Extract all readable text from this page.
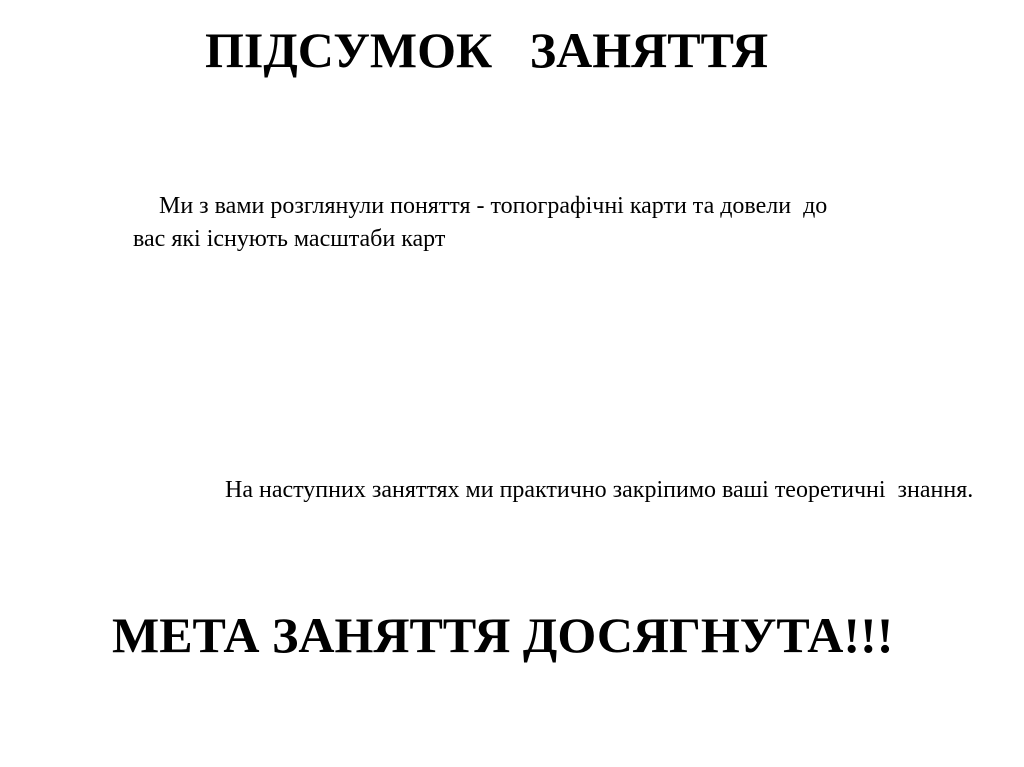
ПІДСУМОК   ЗАНЯТТЯ

Ми з вами розглянули поняття - топографічні карти та довели  до вас які існують масштаби карт

На наступних заняттях ми практично закріпимо ваші теоретичні  знання.

МЕТА ЗАНЯТТЯ ДОСЯГНУТА!!!
